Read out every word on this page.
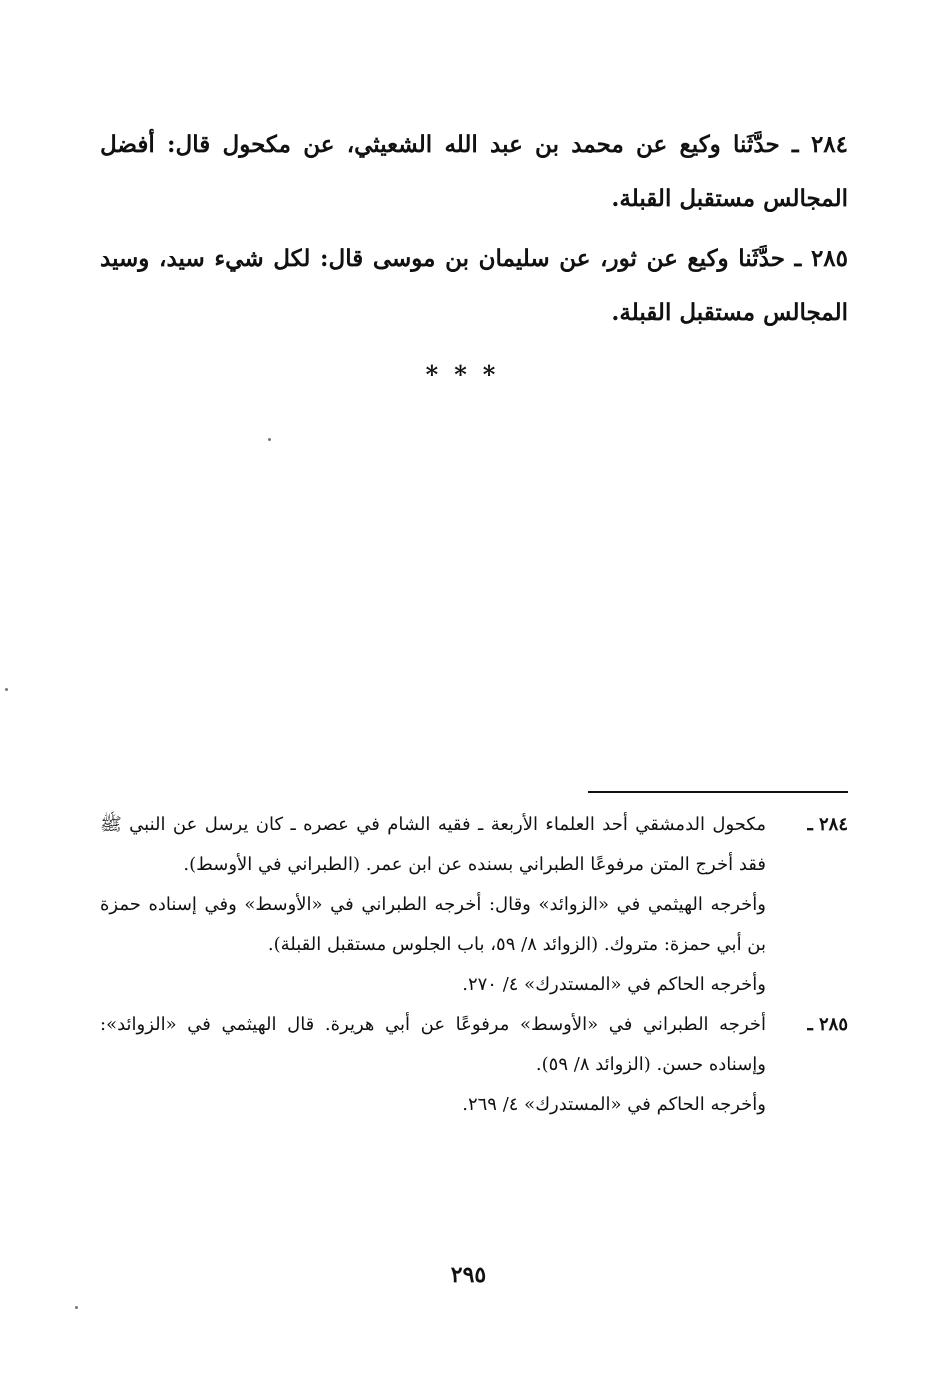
٢٨٤ ـ حدَّثَنا وكيع عن محمد بن عبد الله الشعيثي، عن مكحول قال: أفضل المجالس مستقبل القبلة.

٢٨٥ ـ حدَّثَنا وكيع عن ثور، عن سليمان بن موسى قال: لكل شيء سيد، وسيد المجالس مستقبل القبلة.

***
٢٨٤ ـ

مكحول الدمشقي أحد العلماء الأربعة ـ فقيه الشام في عصره ـ كان يرسل عن النبي ﷺ فقد أخرج المتن مرفوعًا الطبراني بسنده عن ابن عمر. (الطبراني في الأوسط).

وأخرجه الهيثمي في «الزوائد» وقال: أخرجه الطبراني في «الأوسط» وفي إسناده حمزة بن أبي حمزة: متروك. (الزوائد ٨/ ٥٩، باب الجلوس مستقبل القبلة).

وأخرجه الحاكم في «المستدرك» ٤/ ٢٧٠.

٢٨٥ ـ

أخرجه الطبراني في «الأوسط» مرفوعًا عن أبي هريرة. قال الهيثمي في «الزوائد»: وإسناده حسن. (الزوائد ٨/ ٥٩).

وأخرجه الحاكم في «المستدرك» ٤/ ٢٦٩.

٢٩٥
